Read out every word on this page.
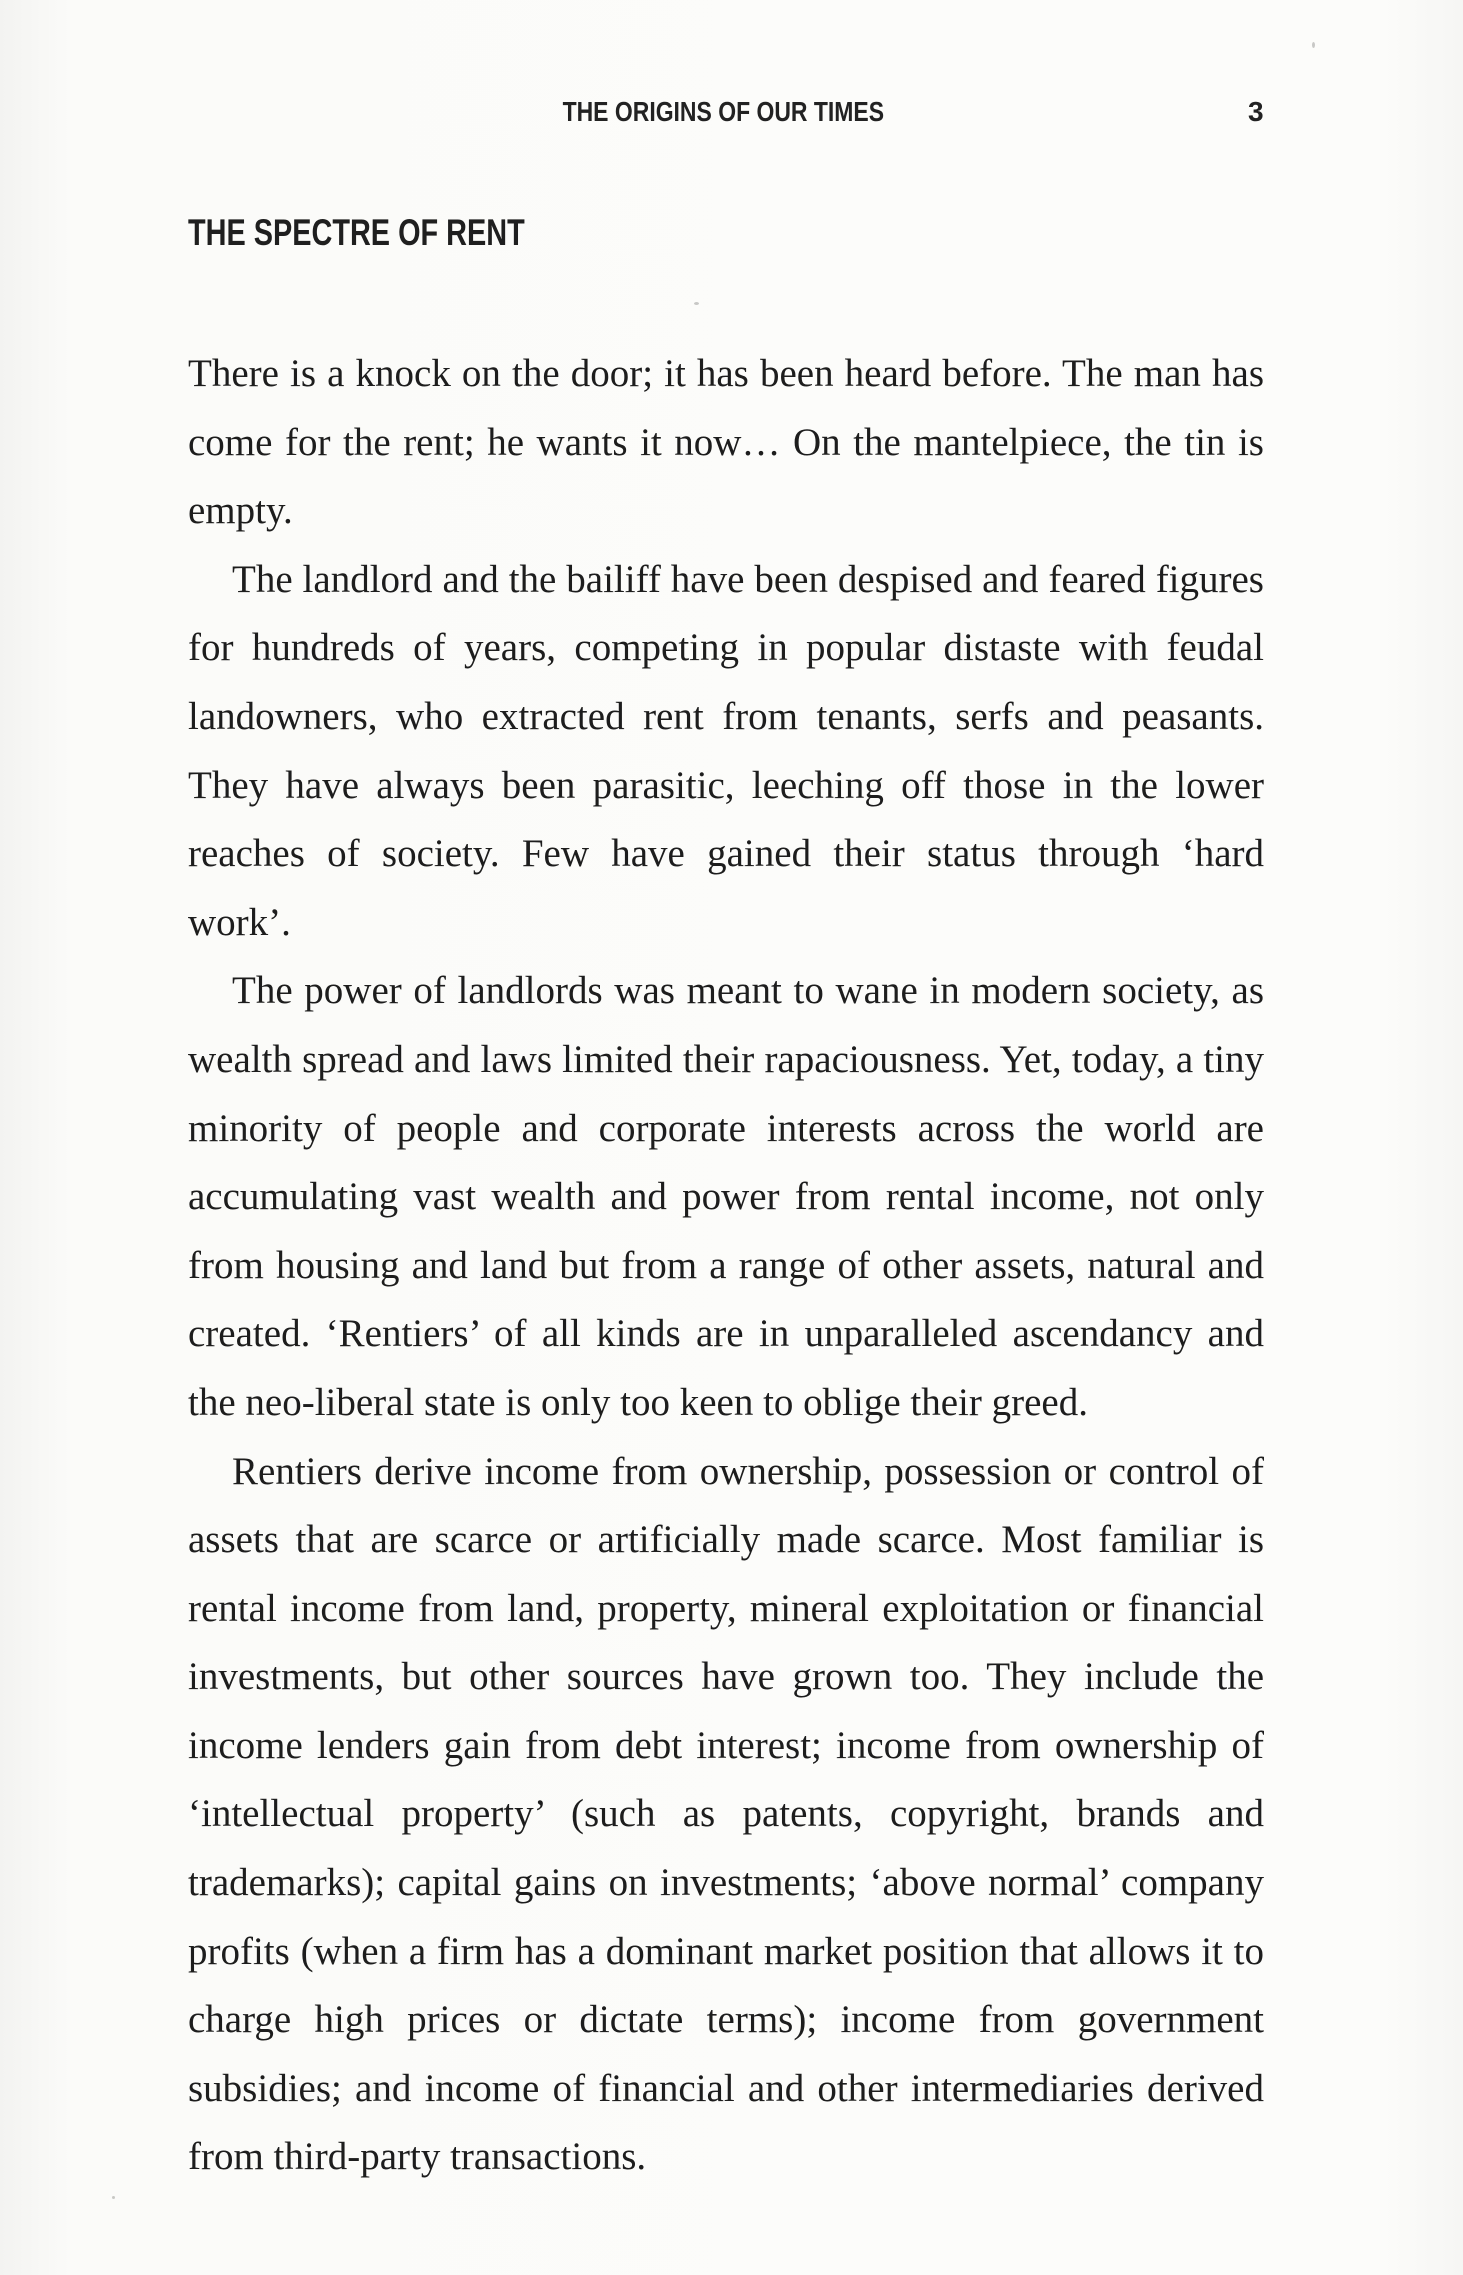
THE ORIGINS OF OUR TIMES	3
THE SPECTRE OF RENT

There is a knock on the door; it has been heard before. The man has come for the rent; he wants it now… On the mantelpiece, the tin is empty.

The landlord and the bailiff have been despised and feared figures for hundreds of years, competing in popular distaste with feudal landowners, who extracted rent from tenants, serfs and peasants. They have always been parasitic, leeching off those in the lower reaches of society. Few have gained their status through ‘hard work’.

The power of landlords was meant to wane in modern society, as wealth spread and laws limited their rapaciousness. Yet, today, a tiny minority of people and corporate interests across the world are accumulating vast wealth and power from rental income, not only from housing and land but from a range of other assets, natural and created. ‘Rentiers’ of all kinds are in unparalleled ascendancy and the neo-liberal state is only too keen to oblige their greed.

Rentiers derive income from ownership, possession or control of assets that are scarce or artificially made scarce. Most familiar is rental income from land, property, mineral exploitation or financial investments, but other sources have grown too. They include the income lenders gain from debt interest; income from ownership of ‘intellectual property’ (such as patents, copyright, brands and trademarks); capital gains on investments; ‘above normal’ company profits (when a firm has a dominant market position that allows it to charge high prices or dictate terms); income from government subsidies; and income of financial and other intermediaries derived from third-party transactions.
